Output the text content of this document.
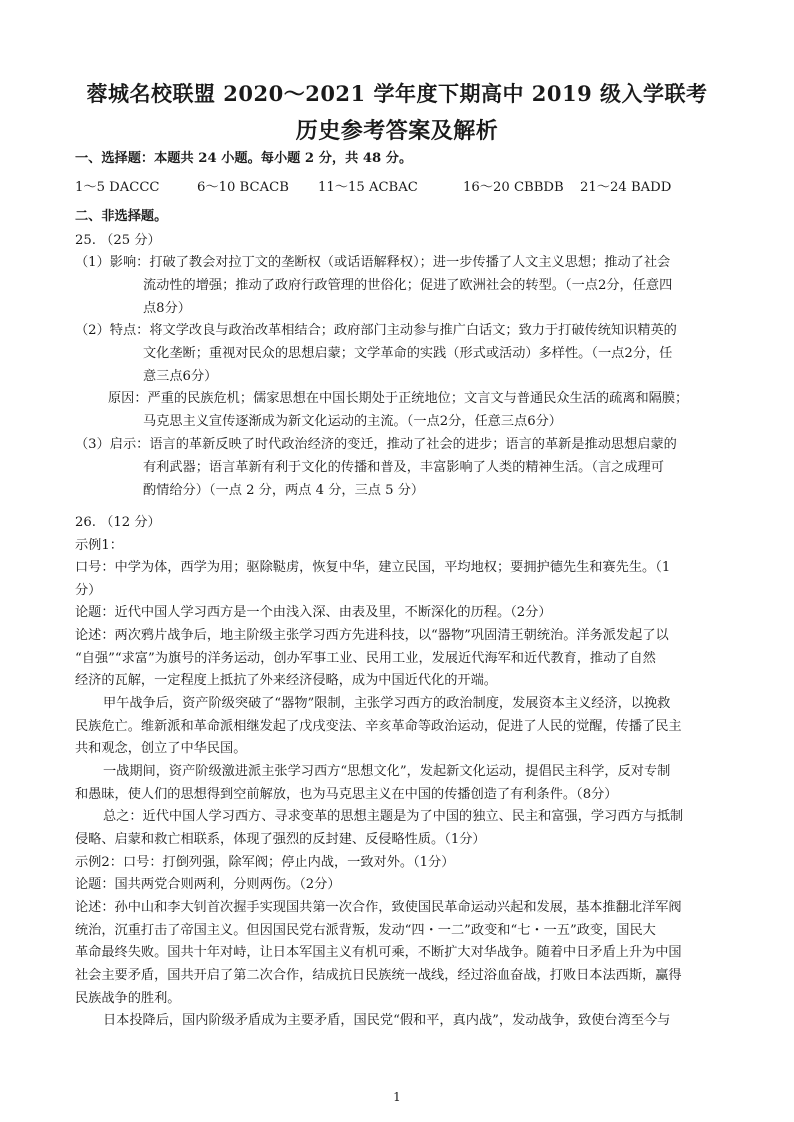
蓉城名校联盟 2020～2021 学年度下期高中 2019 级入学联考
历史参考答案及解析
一、选择题：本题共 24 小题。每小题 2 分，共 48 分。
1～5 DACCC	6～10 BCACB 11～15 ACBAC	16～20 CBBDB 21～24 BADD
二、非选择题。
25. （25 分）
（1）影响：打破了教会对拉丁文的垄断权（或话语解释权）；进一步传播了人文主义思想；推动了社会
流动性的增强；推动了政府行政管理的世俗化；促进了欧洲社会的转型。（一点2分，任意四
点8分）
（2）特点：将文学改良与政治改革相结合；政府部门主动参与推广白话文；致力于打破传统知识精英的
文化垄断；重视对民众的思想启蒙；文学革命的实践（形式或活动）多样性。（一点2分，任
意三点6分）
原因：严重的民族危机；儒家思想在中国长期处于正统地位；文言文与普通民众生活的疏离和隔膜；
马克思主义宣传逐渐成为新文化运动的主流。（一点2分，任意三点6分）
（3）启示：语言的革新反映了时代政治经济的变迁，推动了社会的进步；语言的革新是推动思想启蒙的
有利武器；语言革新有利于文化的传播和普及，丰富影响了人类的精神生活。（言之成理可
酌情给分）（一点 2 分，两点 4 分，三点 5 分）
26. （12 分）
示例1：
口号：中学为体，西学为用；驱除鞑虏，恢复中华，建立民国，平均地权；要拥护德先生和赛先生。（1
分）
论题：近代中国人学习西方是一个由浅入深、由表及里，不断深化的历程。（2分）
论述：两次鸦片战争后，地主阶级主张学习西方先进科技，以“器物”巩固清王朝统治。洋务派发起了以
“自强”“求富”为旗号的洋务运动，创办军事工业、民用工业，发展近代海军和近代教育，推动了自然
经济的瓦解，一定程度上抵抗了外来经济侵略，成为中国近代化的开端。
甲午战争后，资产阶级突破了“器物”限制，主张学习西方的政治制度，发展资本主义经济，以挽救
民族危亡。维新派和革命派相继发起了戊戌变法、辛亥革命等政治运动，促进了人民的觉醒，传播了民主
共和观念，创立了中华民国。
一战期间，资产阶级激进派主张学习西方“思想文化”，发起新文化运动，提倡民主科学，反对专制
和愚昧，使人们的思想得到空前解放，也为马克思主义在中国的传播创造了有利条件。（8分）
总之：近代中国人学习西方、寻求变革的思想主题是为了中国的独立、民主和富强，学习西方与抵制
侵略、启蒙和救亡相联系，体现了强烈的反封建、反侵略性质。（1分）
示例2：口号：打倒列强，除军阀；停止内战，一致对外。（1分）
论题：国共两党合则两利，分则两伤。（2分）
论述：孙中山和李大钊首次握手实现国共第一次合作，致使国民革命运动兴起和发展，基本推翻北洋军阀
统治，沉重打击了帝国主义。但因国民党右派背叛，发动“四・一二”政变和“七・一五”政变，国民大
革命最终失败。国共十年对峙，让日本军国主义有机可乘，不断扩大对华战争。随着中日矛盾上升为中国
社会主要矛盾，国共开启了第二次合作，结成抗日民族统一战线，经过浴血奋战，打败日本法西斯，赢得
民族战争的胜利。
日本投降后，国内阶级矛盾成为主要矛盾，国民党“假和平，真内战”，发动战争，致使台湾至今与
1
